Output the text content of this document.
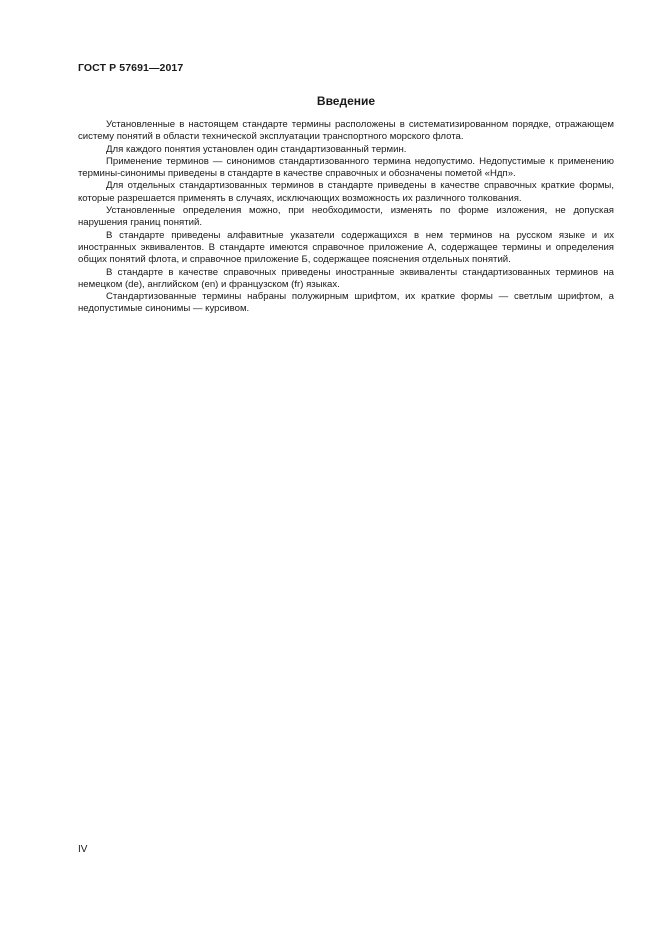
ГОСТ Р 57691—2017
Введение

Установленные в настоящем стандарте термины расположены в систематизированном порядке, отражающем систему понятий в области технической эксплуатации транспортного морского флота.

Для каждого понятия установлен один стандартизованный термин.

Применение терминов — синонимов стандартизованного термина недопустимо. Недопустимые к применению термины-синонимы приведены в стандарте в качестве справочных и обозначены пометой «Ндп».

Для отдельных стандартизованных терминов в стандарте приведены в качестве справочных краткие формы, которые разрешается применять в случаях, исключающих возможность их различного толкования.

Установленные определения можно, при необходимости, изменять по форме изложения, не допуская нарушения границ понятий.

В стандарте приведены алфавитные указатели содержащихся в нем терминов на русском языке и их иностранных эквивалентов. В стандарте имеются справочное приложение А, содержащее термины и определения общих понятий флота, и справочное приложение Б, содержащее пояснения отдельных понятий.

В стандарте в качестве справочных приведены иностранные эквиваленты стандартизованных терминов на немецком (de), английском (en) и французском (fr) языках.

Стандартизованные термины набраны полужирным шрифтом, их краткие формы — светлым шрифтом, а недопустимые синонимы — курсивом.

IV
